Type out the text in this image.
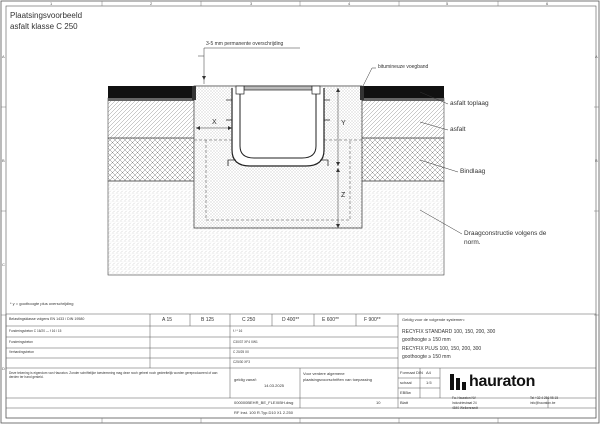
1	2	3	4	5	6
A
B
C
D
A
B
Plaatsingsvoorbeeld
asfalt klasse C 250
3-5 mm permanente overschrijding
bitumineuze voegband
asfalt toplaag
asfalt
Bindlaag
Draagconstructie volgens de
norm.
X	Y
Z
* y = goothoogte plus overschrijding
Belastingsklasse volgens EN 1433 / DIN 19580	A 15	B 125	C 250	D 400**	E 600**	F 900**
Funderingsbeton C 16/20 — f 16 / 15	f / * 16
Funderingsbeton	C30/37 XF4 XW1
Verhardingsbeton	C 20/25 X0
C25/30 XF3
Geldig voor de volgende systemen:
RECYFIX STANDARD 100, 150, 200, 300
goothoogte ≥ 150 mm
RECYFIX PLUS 100, 150, 200, 300
goothoogte ≥ 150 mm
Deze tekening is eigendom van Hauraton. Zonder schriftelijke toestemming mag deze noch geheel noch gedeeltelijk worden gereproduceerd of aan derden ter hand gesteld.	geldig vanaf:
14.03.2025
Voor verdere algemene
plaatsingsvoorschriften van toepassing
Formaat DIN A4
schaal	1:5
EBBw
000000BEHR_BE_FLEXIBH.dwg	10	Blatt
RF Inst. 100 R.Typ.D10 X1 2.250
hauraton
Fa. Hauraton NV
Industriestraat 24
4840 Welkenraedt
Tel +32 4 256 95 15
info@hauraton.be
